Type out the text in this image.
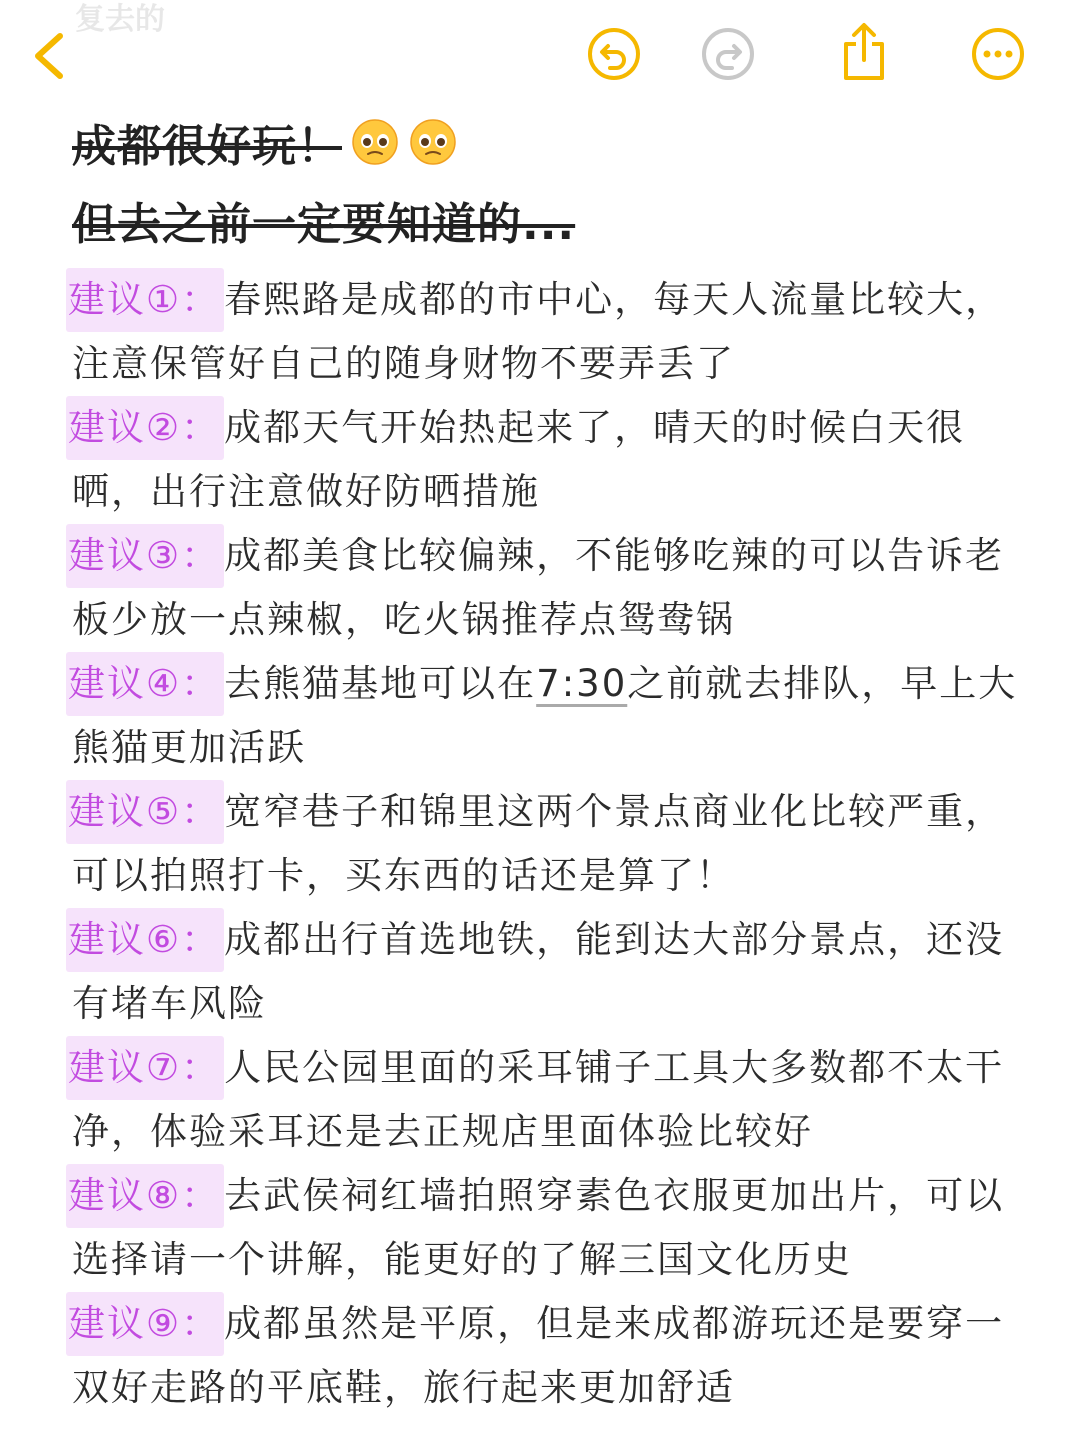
复去的
成都很好玩！
但去之前一定要知道的...
建议①： 春熙路是成都的市中心，每天人流量比较大，注意保管好自己的随身财物不要弄丢了
建议②： 成都天气开始热起来了，晴天的时候白天很晒，出行注意做好防晒措施
建议③： 成都美食比较偏辣，不能够吃辣的可以告诉老板少放一点辣椒，吃火锅推荐点鸳鸯锅
建议④： 去熊猫基地可以在7:30之前就去排队，早上大熊猫更加活跃
建议⑤： 宽窄巷子和锦里这两个景点商业化比较严重，可以拍照打卡，买东西的话还是算了！
建议⑥： 成都出行首选地铁，能到达大部分景点，还没有堵车风险
建议⑦： 人民公园里面的采耳铺子工具大多数都不太干净，体验采耳还是去正规店里面体验比较好
建议⑧： 去武侯祠红墙拍照穿素色衣服更加出片，可以选择请一个讲解，能更好的了解三国文化历史
建议⑨： 成都虽然是平原，但是来成都游玩还是要穿一双好走路的平底鞋，旅行起来更加舒适
